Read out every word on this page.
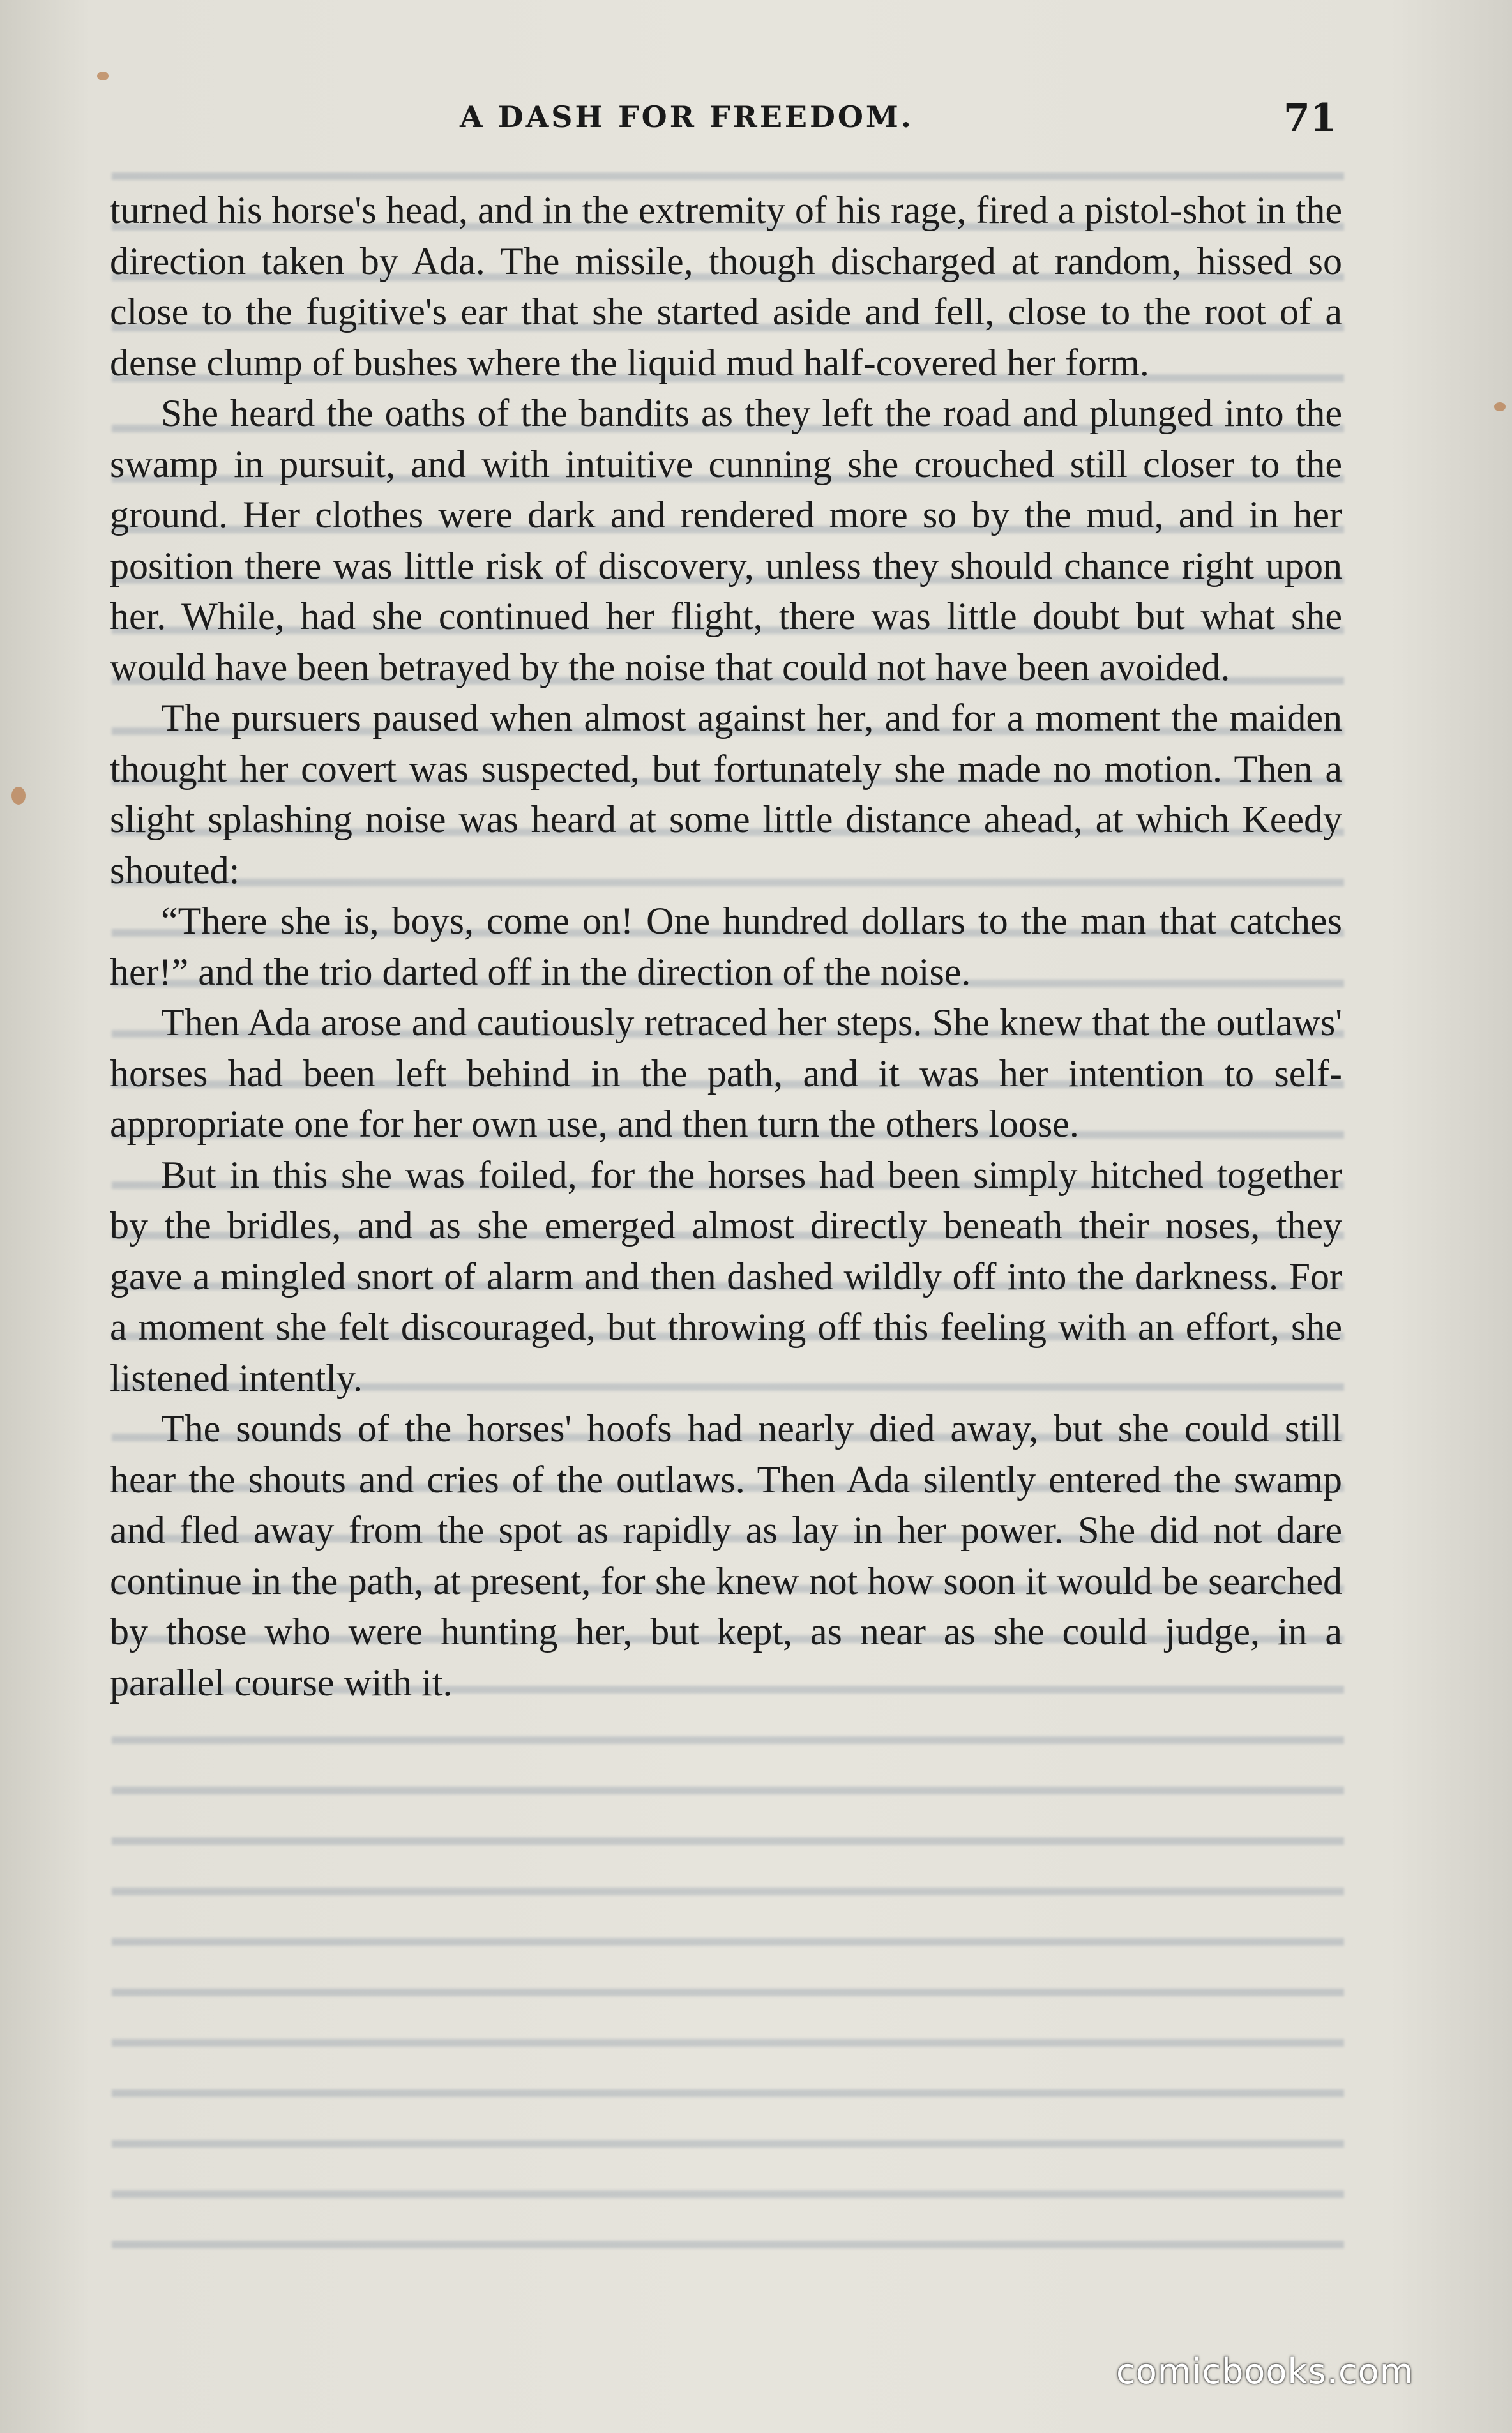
A DASH FOR FREEDOM.	71

turned his horse's head, and in the extremity of his rage, fired a pistol-shot in the direction taken by Ada. The missile, though discharged at random, hissed so close to the fugitive's ear that she started aside and fell, close to the root of a dense clump of bushes where the liquid mud half-covered her form.

She heard the oaths of the bandits as they left the road and plunged into the swamp in pursuit, and with intuitive cunning she crouched still closer to the ground. Her clothes were dark and rendered more so by the mud, and in her position there was little risk of discovery, unless they should chance right upon her. While, had she continued her flight, there was little doubt but what she would have been betrayed by the noise that could not have been avoided.

The pursuers paused when almost against her, and for a moment the maiden thought her covert was suspected, but fortunately she made no motion. Then a slight splashing noise was heard at some little distance ahead, at which Keedy shouted:

“There she is, boys, come on! One hundred dollars to the man that catches her!” and the trio darted off in the direction of the noise.

Then Ada arose and cautiously retraced her steps. She knew that the outlaws' horses had been left behind in the path, and it was her intention to self-appropriate one for her own use, and then turn the others loose.

But in this she was foiled, for the horses had been simply hitched together by the bridles, and as she emerged almost directly beneath their noses, they gave a mingled snort of alarm and then dashed wildly off into the darkness. For a moment she felt discouraged, but throwing off this feeling with an effort, she listened intently.

The sounds of the horses' hoofs had nearly died away, but she could still hear the shouts and cries of the outlaws. Then Ada silently entered the swamp and fled away from the spot as rapidly as lay in her power. She did not dare continue in the path, at present, for she knew not how soon it would be searched by those who were hunting her, but kept, as near as she could judge, in a parallel course with it.

comicbooks.com
